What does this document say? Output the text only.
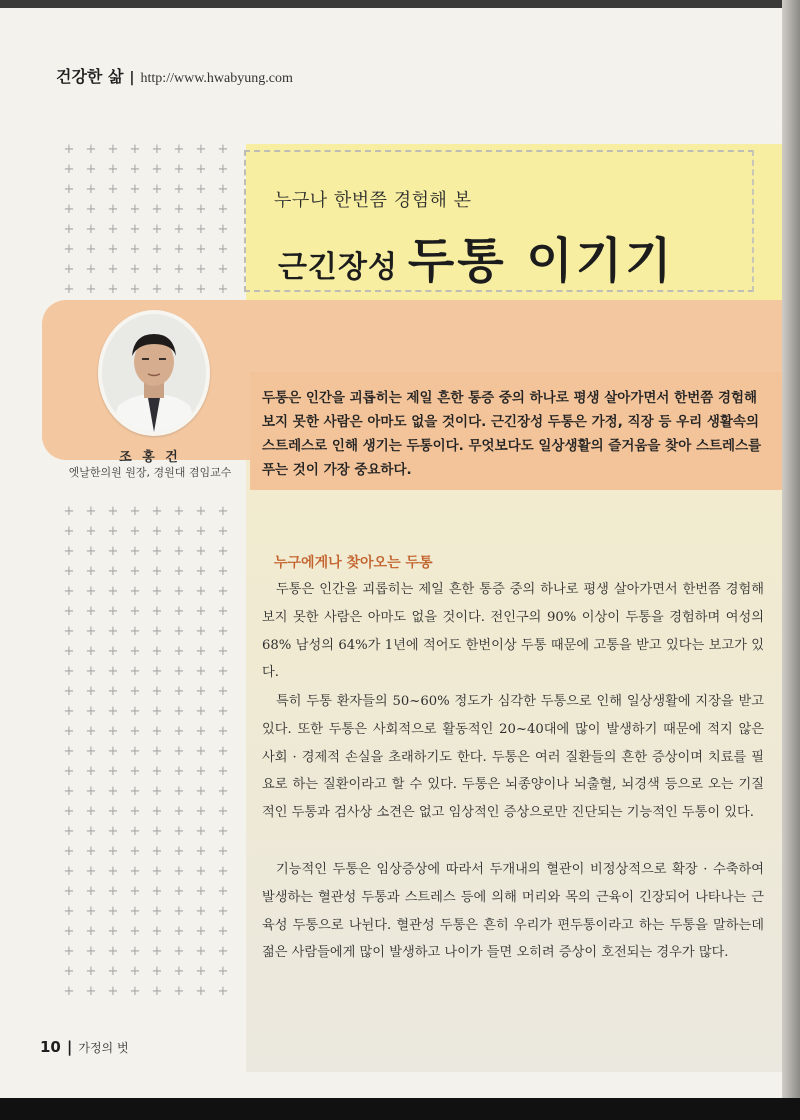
건강한 삶 | http://www.hwabyung.com
+ + + + + + + +
+ + + + + + + +
+ + + + + + + +
+ + + + + + + +
+ + + + + + + +
+ + + + + + + +
+ + + + + + + +
+ + + + + + + +
+ + + + + + + +
+ + + + + + + +
+ + + + + + + +
+ + + + + + + +
+ + + + + + + +
+ + + + + + + +
+ + + + + + + +
+ + + + + + + +
+ + + + + + + +
+ + + + + + + +
+ + + + + + + +
+ + + + + + + +
+ + + + + + + +
+ + + + + + + +
+ + + + + + + +
+ + + + + + + +
+ + + + + + + +
+ + + + + + + +
+ + + + + + + +
+ + + + + + + +
+ + + + + + + +
+ + + + + + + +
+ + + + + + + +
+ + + + + + + +
+ + + + + + + +
누구나 한번쯤 경험해 본
근긴장성 두통 이기기
두통은 인간을 괴롭히는 제일 흔한 통증 중의 하나로 평생 살아가면서 한번쯤 경험해 보지 못한 사람은 아마도 없을 것이다. 근긴장성 두통은 가정, 직장 등 우리 생활속의 스트레스로 인해 생기는 두통이다. 무엇보다도 일상생활의 즐거움을 찾아 스트레스를 푸는 것이 가장 중요하다.
조 홍 건
엣날한의원 원장, 경원대 겸임교수
누구에게나 찾아오는 두통

두통은 인간을 괴롭히는 제일 흔한 통증 중의 하나로 평생 살아가면서 한번쯤 경험해 보지 못한 사람은 아마도 없을 것이다. 전인구의 90% 이상이 두통을 경험하며 여성의 68% 남성의 64%가 1년에 적어도 한번이상 두통 때문에 고통을 받고 있다는 보고가 있다.

특히 두통 환자들의 50~60% 정도가 심각한 두통으로 인해 일상생활에 지장을 받고 있다. 또한 두통은 사회적으로 활동적인 20~40대에 많이 발생하기 때문에 적지 않은 사회 · 경제적 손실을 초래하기도 한다. 두통은 여러 질환들의 흔한 증상이며 치료를 필요로 하는 질환이라고 할 수 있다. 두통은 뇌종양이나 뇌출혈, 뇌경색 등으로 오는 기질적인 두통과 검사상 소견은 없고 임상적인 증상으로만 진단되는 기능적인 두통이 있다.

기능적인 두통은 임상증상에 따라서 두개내의 혈관이 비정상적으로 확장 · 수축하여 발생하는 혈관성 두통과 스트레스 등에 의해 머리와 목의 근육이 긴장되어 나타나는 근육성 두통으로 나뉜다. 혈관성 두통은 흔히 우리가 편두통이라고 하는 두통을 말하는데 젊은 사람들에게 많이 발생하고 나이가 들면 오히려 증상이 호전되는 경우가 많다.

10 | 가정의 벗
